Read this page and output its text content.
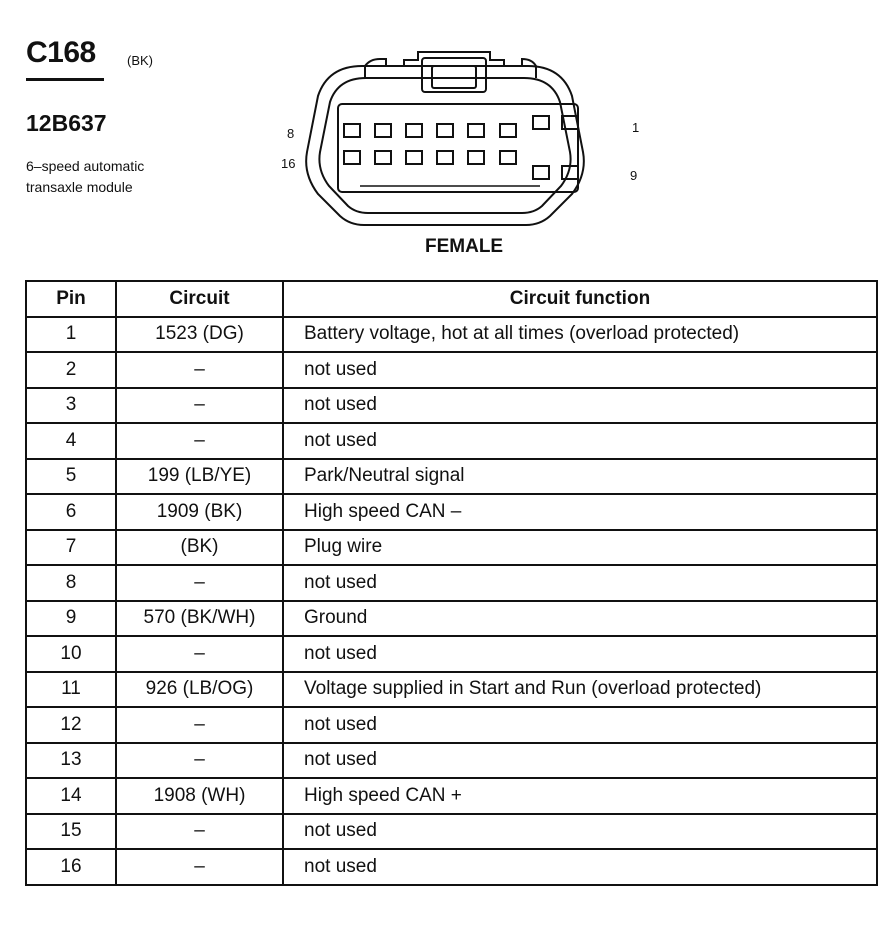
C168 (BK)
12B637
6–speed automatic
transaxle module
8
16
1
9
FEMALE
Pin	Circuit	Circuit function
1	1523 (DG)	Battery voltage, hot at all times (overload protected)
2	–	not used
3	–	not used
4	–	not used
5	199 (LB/YE)	Park/Neutral signal
6	1909 (BK)	High speed CAN –
7	(BK)	Plug wire
8	–	not used
9	570 (BK/WH)	Ground
10	–	not used
11	926 (LB/OG)	Voltage supplied in Start and Run (overload protected)
12	–	not used
13	–	not used
14	1908 (WH)	High speed CAN +
15	–	not used
16	–	not used
